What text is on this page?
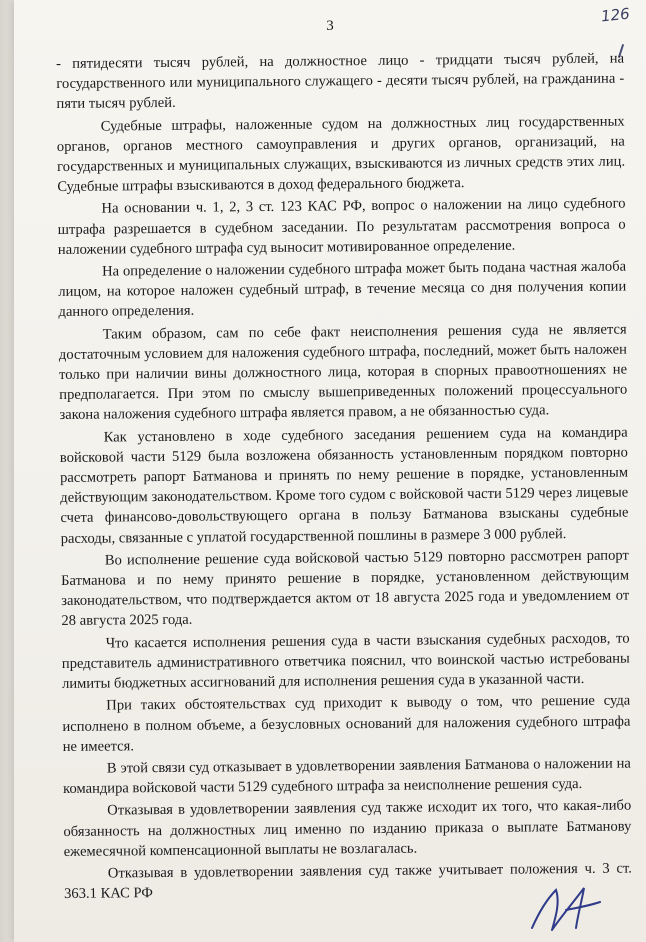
3
126

- пятидесяти тысяч рублей, на должностное лицо - тридцати тысяч рублей, на государственного или муниципального служащего - десяти тысяч рублей, на гражданина - пяти тысяч рублей.

Судебные штрафы, наложенные судом на должностных лиц государственных органов, органов местного самоуправления и других органов, организаций, на государственных и муниципальных служащих, взыскиваются из личных средств этих лиц. Судебные штрафы взыскиваются в доход федерального бюджета.

На основании ч. 1, 2, 3 ст. 123 КАС РФ, вопрос о наложении на лицо судебного штрафа разрешается в судебном заседании. По результатам рассмотрения вопроса о наложении судебного штрафа суд выносит мотивированное определение.

На определение о наложении судебного штрафа может быть подана частная жалоба лицом, на которое наложен судебный штраф, в течение месяца со дня получения копии данного определения.

Таким образом, сам по себе факт неисполнения решения суда не является достаточным условием для наложения судебного штрафа, последний, может быть наложен только при наличии вины должностного лица, которая в спорных правоотношениях не предполагается. При этом по смыслу вышеприведенных положений процессуального закона наложения судебного штрафа является правом, а не обязанностью суда.

Как установлено в ходе судебного заседания решением суда на командира войсковой части 5129 была возложена обязанность установленным порядком повторно рассмотреть рапорт Батманова и принять по нему решение в порядке, установленным действующим законодательством. Кроме того судом с войсковой части 5129 через лицевые счета финансово-довольствующего органа в пользу Батманова взысканы судебные расходы, связанные с уплатой государственной пошлины в размере 3 000 рублей.

Во исполнение решение суда войсковой частью 5129 повторно рассмотрен рапорт Батманова и по нему принято решение в порядке, установленном действующим законодательством, что подтверждается актом от 18 августа 2025 года и уведомлением от 28 августа 2025 года.

Что касается исполнения решения суда в части взыскания судебных расходов, то представитель административного ответчика пояснил, что воинской частью истребованы лимиты бюджетных ассигнований для исполнения решения суда в указанной части.

При таких обстоятельствах суд приходит к выводу о том, что решение суда исполнено в полном объеме, а безусловных оснований для наложения судебного штрафа не имеется.

В этой связи суд отказывает в удовлетворении заявления Батманова о наложении на командира войсковой части 5129 судебного штрафа за неисполнение решения суда.

Отказывая в удовлетворении заявления суд также исходит их того, что какая-либо обязанность на должностных лиц именно по изданию приказа о выплате Батманову ежемесячной компенсационной выплаты не возлагалась.

Отказывая в удовлетворении заявления суд также учитывает положения ч. 3 ст. 363.1 КАС РФ
